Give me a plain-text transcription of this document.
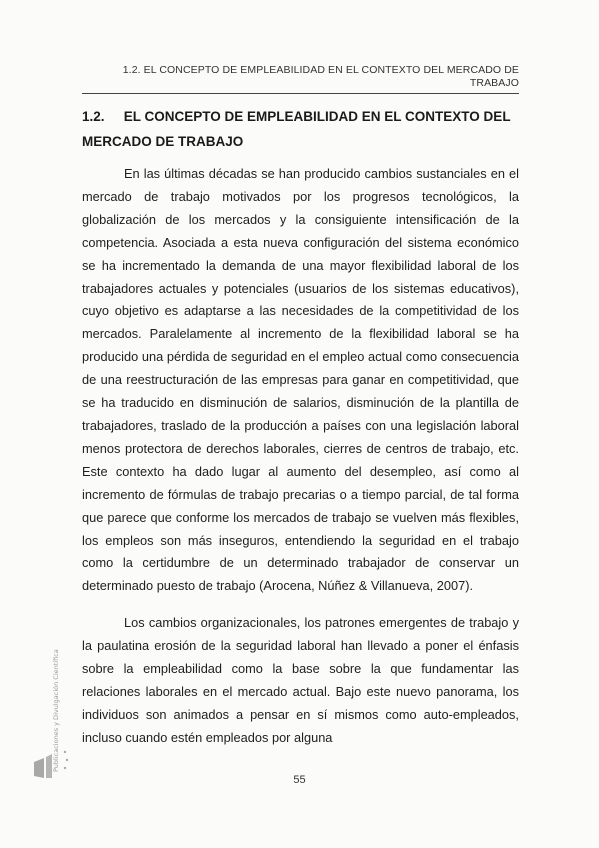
1.2. EL CONCEPTO DE EMPLEABILIDAD EN EL CONTEXTO DEL MERCADO DE TRABAJO
1.2. EL CONCEPTO DE EMPLEABILIDAD EN EL CONTEXTO DEL MERCADO DE TRABAJO

En las últimas décadas se han producido cambios sustanciales en el mercado de trabajo motivados por los progresos tecnológicos, la globalización de los mercados y la consiguiente intensificación de la competencia. Asociada a esta nueva configuración del sistema económico se ha incrementado la demanda de una mayor flexibilidad laboral de los trabajadores actuales y potenciales (usuarios de los sistemas educativos), cuyo objetivo es adaptarse a las necesidades de la competitividad de los mercados. Paralelamente al incremento de la flexibilidad laboral se ha producido una pérdida de seguridad en el empleo actual como consecuencia de una reestructuración de las empresas para ganar en competitividad, que se ha traducido en disminución de salarios, disminución de la plantilla de trabajadores, traslado de la producción a países con una legislación laboral menos protectora de derechos laborales, cierres de centros de trabajo, etc. Este contexto ha dado lugar al aumento del desempleo, así como al incremento de fórmulas de trabajo precarias o a tiempo parcial, de tal forma que parece que conforme los mercados de trabajo se vuelven más flexibles, los empleos son más inseguros, entendiendo la seguridad en el trabajo como la certidumbre de un determinado trabajador de conservar un determinado puesto de trabajo (Arocena, Núñez & Villanueva, 2007).

Los cambios organizacionales, los patrones emergentes de trabajo y la paulatina erosión de la seguridad laboral han llevado a poner el énfasis sobre la empleabilidad como la base sobre la que fundamentar las relaciones laborales en el mercado actual. Bajo este nuevo panorama, los individuos son animados a pensar en sí mismos como auto-empleados, incluso cuando estén empleados por alguna

Publicaciones y Divulgación Científica
55
